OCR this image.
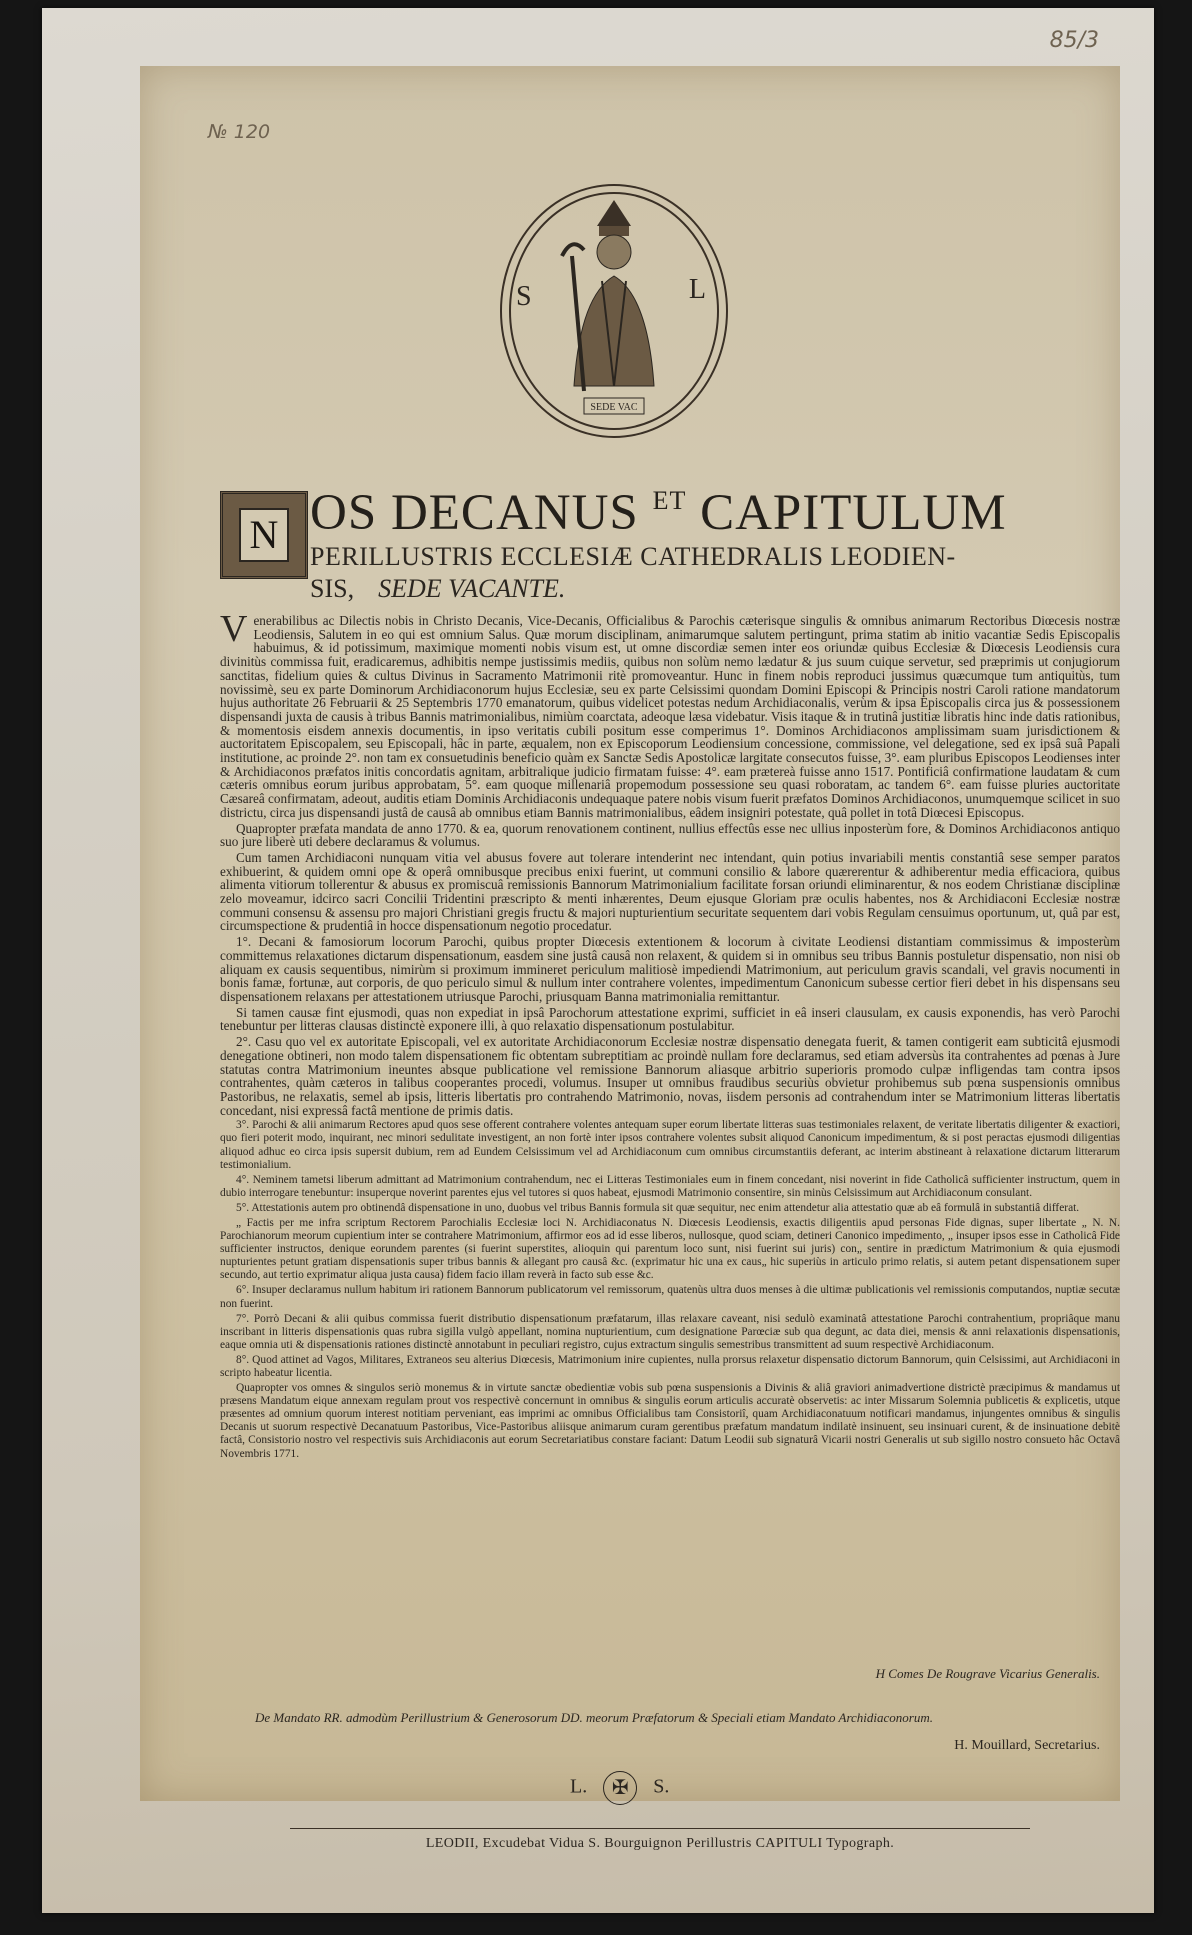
85/3
№ 120
SEDE VAC
S	L
N OS DECANUS $^{ET}$ CAPITULUM
PERILLUSTRIS ECCLESIÆ CATHEDRALIS LEODIEN-
SIS, SEDE VACANTE.

Venerabilibus ac Dilectis nobis in Christo Decanis, Vice-Decanis, Officialibus & Parochis cæterisque singulis & omnibus animarum Rectoribus Diœcesis nostræ Leodiensis, Salutem in eo qui est omnium Salus. Quæ morum disciplinam, animarumque salutem pertingunt, prima statim ab initio vacantiæ Sedis Episcopalis habuimus, & id potissimum, maximique momenti nobis visum est, ut omne discordiæ semen inter eos oriundæ quibus Ecclesiæ & Diœcesis Leodiensis cura divinitùs commissa fuit, eradicaremus, adhibitis nempe justissimis mediis, quibus non solùm nemo lædatur & jus suum cuique servetur, sed præprimis ut conjugiorum sanctitas, fidelium quies & cultus Divinus in Sacramento Matrimonii ritè promoveantur. Hunc in finem nobis reproduci jussimus quæcumque tum antiquitùs, tum novissimè, seu ex parte Dominorum Archidiaconorum hujus Ecclesiæ, seu ex parte Celsissimi quondam Domini Episcopi & Principis nostri Caroli ratione mandatorum hujus authoritate 26 Februarii & 25 Septembris 1770 emanatorum, quibus videlicet potestas nedum Archidiaconalis, verùm & ipsa Episcopalis circa jus & possessionem dispensandi juxta de causis à tribus Bannis matrimonialibus, nimiùm coarctata, adeoque læsa videbatur. Visis itaque & in trutinâ justitiæ libratis hinc inde datis rationibus, & momentosis eisdem annexis documentis, in ipso veritatis cubili positum esse comperimus 1°. Dominos Archidiaconos amplissimam suam jurisdictionem & auctoritatem Episcopalem, seu Episcopali, hâc in parte, æqualem, non ex Episcoporum Leodiensium concessione, commissione, vel delegatione, sed ex ipsâ suâ Papali institutione, ac proinde 2°. non tam ex consuetudinis beneficio quàm ex Sanctæ Sedis Apostolicæ largitate consecutos fuisse, 3°. eam pluribus Episcopos Leodienses inter & Archidiaconos præfatos initis concordatis agnitam, arbitralique judicio firmatam fuisse: 4°. eam prætereà fuisse anno 1517. Pontificiâ confirmatione laudatam & cum cæteris omnibus eorum juribus approbatam, 5°. eam quoque millenariâ propemodum possessione seu quasi roboratam, ac tandem 6°. eam fuisse pluries auctoritate Cæsareâ confirmatam, adeout, auditis etiam Dominis Archidiaconis undequaque patere nobis visum fuerit præfatos Dominos Archidiaconos, unumquemque scilicet in suo districtu, circa jus dispensandi justâ de causâ ab omnibus etiam Bannis matrimonialibus, eâdem insigniri potestate, quâ pollet in totâ Diœcesi Episcopus.

Quapropter præfata mandata de anno 1770. & ea, quorum renovationem continent, nullius effectûs esse nec ullius inposterùm fore, & Dominos Archidiaconos antiquo suo jure liberè uti debere declaramus & volumus.

Cum tamen Archidiaconi nunquam vitia vel abusus fovere aut tolerare intenderint nec intendant, quin potius invariabili mentis constantiâ sese semper paratos exhibuerint, & quidem omni ope & operâ omnibusque precibus enixi fuerint, ut communi consilio & labore quærerentur & adhiberentur media efficaciora, quibus alimenta vitiorum tollerentur & abusus ex promiscuâ remissionis Bannorum Matrimonialium facilitate forsan oriundi eliminarentur, & nos eodem Christianæ disciplinæ zelo moveamur, idcirco sacri Concilii Tridentini præscripto & menti inhærentes, Deum ejusque Gloriam præ oculis habentes, nos & Archidiaconi Ecclesiæ nostræ communi consensu & assensu pro majori Christiani gregis fructu & majori nupturientium securitate sequentem dari vobis Regulam censuimus oportunum, ut, quâ par est, circumspectione & prudentiâ in hocce dispensationum negotio procedatur.

1°. Decani & famosiorum locorum Parochi, quibus propter Diœcesis extentionem & locorum à civitate Leodiensi distantiam commissimus & imposterùm committemus relaxationes dictarum dispensationum, easdem sine justâ causâ non relaxent, & quidem si in omnibus seu tribus Bannis postuletur dispensatio, non nisi ob aliquam ex causis sequentibus, nimirùm si proximum immineret periculum malitiosè impediendi Matrimonium, aut periculum gravis scandali, vel gravis nocumenti in bonis famæ, fortunæ, aut corporis, de quo periculo simul & nullum inter contrahere volentes, impedimentum Canonicum subesse certior fieri debet in his dispensans seu dispensationem relaxans per attestationem utriusque Parochi, priusquam Banna matrimonialia remittantur.

Si tamen causæ fint ejusmodi, quas non expediat in ipsâ Parochorum attestatione exprimi, sufficiet in eâ inseri clausulam, ex causis exponendis, has verò Parochi tenebuntur per litteras clausas distinctè exponere illi, à quo relaxatio dispensationum postulabitur.

2°. Casu quo vel ex autoritate Episcopali, vel ex autoritate Archidiaconorum Ecclesiæ nostræ dispensatio denegata fuerit, & tamen contigerit eam subticitâ ejusmodi denegatione obtineri, non modo talem dispensationem fic obtentam subreptitiam ac proindè nullam fore declaramus, sed etiam adversùs ita contrahentes ad pœnas à Jure statutas contra Matrimonium ineuntes absque publicatione vel remissione Bannorum aliasque arbitrio superioris promodo culpæ infligendas tam contra ipsos contrahentes, quàm cæteros in talibus cooperantes procedi, volumus. Insuper ut omnibus fraudibus securiùs obvietur prohibemus sub pœna suspensionis omnibus Pastoribus, ne relaxatis, semel ab ipsis, litteris libertatis pro contrahendo Matrimonio, novas, iisdem personis ad contrahendum inter se Matrimonium litteras libertatis concedant, nisi expressâ factâ mentione de primis datis.

3°. Parochi & alii animarum Rectores apud quos sese offerent contrahere volentes antequam super eorum libertate litteras suas testimoniales relaxent, de veritate libertatis diligenter & exactiori, quo fieri poterit modo, inquirant, nec minori sedulitate investigent, an non fortè inter ipsos contrahere volentes subsit aliquod Canonicum impedimentum, & si post peractas ejusmodi diligentias aliquod adhuc eo circa ipsis supersit dubium, rem ad Eundem Celsissimum vel ad Archidiaconum cum omnibus circumstantiis deferant, ac interim abstineant à relaxatione dictarum litterarum testimonialium.

4°. Neminem tametsi liberum admittant ad Matrimonium contrahendum, nec ei Litteras Testimoniales eum in finem concedant, nisi noverint in fide Catholicâ sufficienter instructum, quem in dubio interrogare tenebuntur: insuperque noverint parentes ejus vel tutores si quos habeat, ejusmodi Matrimonio consentire, sin minùs Celsissimum aut Archidiaconum consulant.

5°. Attestationis autem pro obtinendâ dispensatione in uno, duobus vel tribus Bannis formula sit quæ sequitur, nec enim attendetur alia attestatio quæ ab eâ formulâ in substantiâ differat.

„ Factis per me infra scriptum Rectorem Parochialis Ecclesiæ loci N. Archidiaconatus N. Diœcesis Leodiensis, exactis diligentiis apud personas Fide dignas, super libertate „ N. N. Parochianorum meorum cupientium inter se contrahere Matrimonium, affirmor eos ad id esse liberos, nullosque, quod sciam, detineri Canonico impedimento, „ insuper ipsos esse in Catholicâ Fide sufficienter instructos, denique eorundem parentes (si fuerint superstites, alioquin qui parentum loco sunt, nisi fuerint sui juris) con„ sentire in prædictum Matrimonium & quia ejusmodi nupturientes petunt gratiam dispensationis super tribus bannis & allegant pro causâ &c. (exprimatur hic una ex caus„ hic superiùs in articulo primo relatis, si autem petant dispensationem super secundo, aut tertio exprimatur aliqua justa causa) fidem facio illam reverà in facto sub esse &c.

6°. Insuper declaramus nullum habitum iri rationem Bannorum publicatorum vel remissorum, quatenùs ultra duos menses à die ultimæ publicationis vel remissionis computandos, nuptiæ secutæ non fuerint.

7°. Porrò Decani & alii quibus commissa fuerit distributio dispensationum præfatarum, illas relaxare caveant, nisi sedulò examinatâ attestatione Parochi contrahentium, propriâque manu inscribant in litteris dispensationis quas rubra sigilla vulgò appellant, nomina nupturientium, cum designatione Parœciæ sub qua degunt, ac data diei, mensis & anni relaxationis dispensationis, eaque omnia uti & dispensationis rationes distinctè annotabunt in peculiari registro, cujus extractum singulis semestribus transmittent ad suum respectivè Archidiaconum.

8°. Quod attinet ad Vagos, Militares, Extraneos seu alterius Diœcesis, Matrimonium inire cupientes, nulla prorsus relaxetur dispensatio dictorum Bannorum, quin Celsissimi, aut Archidiaconi in scripto habeatur licentia.

Quapropter vos omnes & singulos seriò monemus & in virtute sanctæ obedientiæ vobis sub pœna suspensionis a Divinis & aliâ graviori animadvertione districtè præcipimus & mandamus ut præsens Mandatum eique annexam regulam prout vos respectivè concernunt in omnibus & singulis eorum articulis accuratè observetis: ac inter Missarum Solemnia publicetis & explicetis, utque præsentes ad omnium quorum interest notitiam perveniant, eas imprimi ac omnibus Officialibus tam Consistoriî, quam Archidiaconatuum notificari mandamus, injungentes omnibus & singulis Decanis ut suorum respectivè Decanatuum Pastoribus, Vice-Pastoribus aliisque animarum curam gerentibus præfatum mandatum indilatè insinuent, seu insinuari curent, & de insinuatione debitè factâ, Consistorio nostro vel respectivis suis Archidiaconis aut eorum Secretariatibus constare faciant: Datum Leodii sub signaturâ Vicarii nostri Generalis ut sub sigillo nostro consueto hâc Octavâ Novembris 1771.

H Comes De Rougrave Vicarius Generalis.
De Mandato RR. admodùm Perillustrium & Generosorum DD. meorum Præfatorum & Speciali etiam Mandato Archidiaconorum.
H. Mouillard, Secretarius.
L. ✠ S.
LEODII, Excudebat Vidua S. Bourguignon Perillustris CAPITULI Typograph.
